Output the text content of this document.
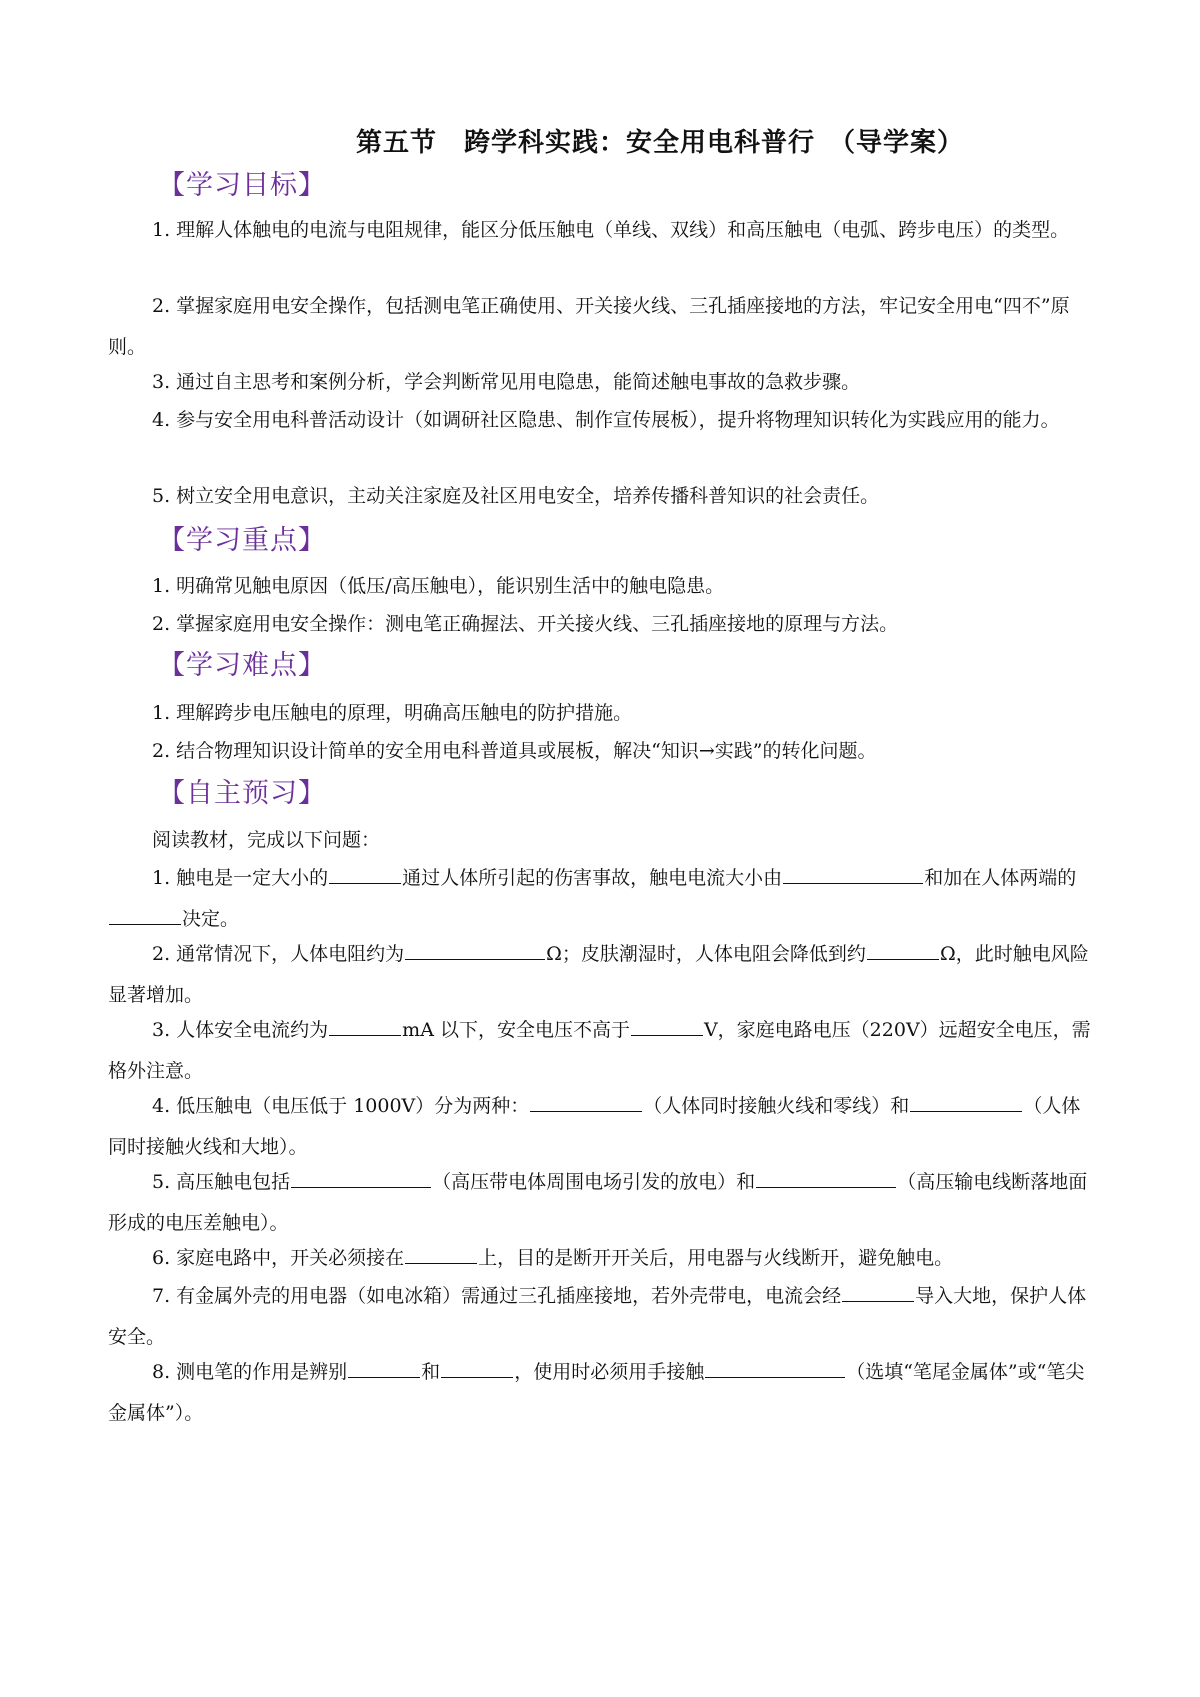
第五节　跨学科实践：安全用电科普行　（导学案）
【学习目标】
1. 理解人体触电的电流与电阻规律，能区分低压触电（单线、双线）和高压触电（电弧、跨步电压）的类型。
2. 掌握家庭用电安全操作，包括测电笔正确使用、开关接火线、三孔插座接地的方法，牢记安全用电“四不”原则。
3. 通过自主思考和案例分析，学会判断常见用电隐患，能简述触电事故的急救步骤。
4. 参与安全用电科普活动设计（如调研社区隐患、制作宣传展板），提升将物理知识转化为实践应用的能力。
5. 树立安全用电意识，主动关注家庭及社区用电安全，培养传播科普知识的社会责任。
【学习重点】
1. 明确常见触电原因（低压/高压触电），能识别生活中的触电隐患。
2. 掌握家庭用电安全操作：测电笔正确握法、开关接火线、三孔插座接地的原理与方法。
【学习难点】
1. 理解跨步电压触电的原理，明确高压触电的防护措施。
2. 结合物理知识设计简单的安全用电科普道具或展板，解决“知识→实践”的转化问题。
【自主预习】
阅读教材，完成以下问题：
1. 触电是一定大小的	通过人体所引起的伤害事故，触电电流大小由	和加在人体两端的决定。
2. 通常情况下，人体电阻约为	Ω；皮肤潮湿时，人体电阻会降低到约	Ω，此时触电风险显著增加。
3. 人体安全电流约为	mA 以下，安全电压不高于	V，家庭电路电压（220V）远超安全电压，需格外注意。
4. 低压触电（电压低于 1000V）分为两种：	（人体同时接触火线和零线）和	（人体同时接触火线和大地）。
5. 高压触电包括	（高压带电体周围电场引发的放电）和	（高压输电线断落地面形成的电压差触电）。
6. 家庭电路中，开关必须接在	上，目的是断开开关后，用电器与火线断开，避免触电。
7. 有金属外壳的用电器（如电冰箱）需通过三孔插座接地，若外壳带电，电流会经	导入大地，保护人体安全。
8. 测电笔的作用是辨别	和	，使用时必须用手接触	（选填“笔尾金属体”或“笔尖金属体”）。
